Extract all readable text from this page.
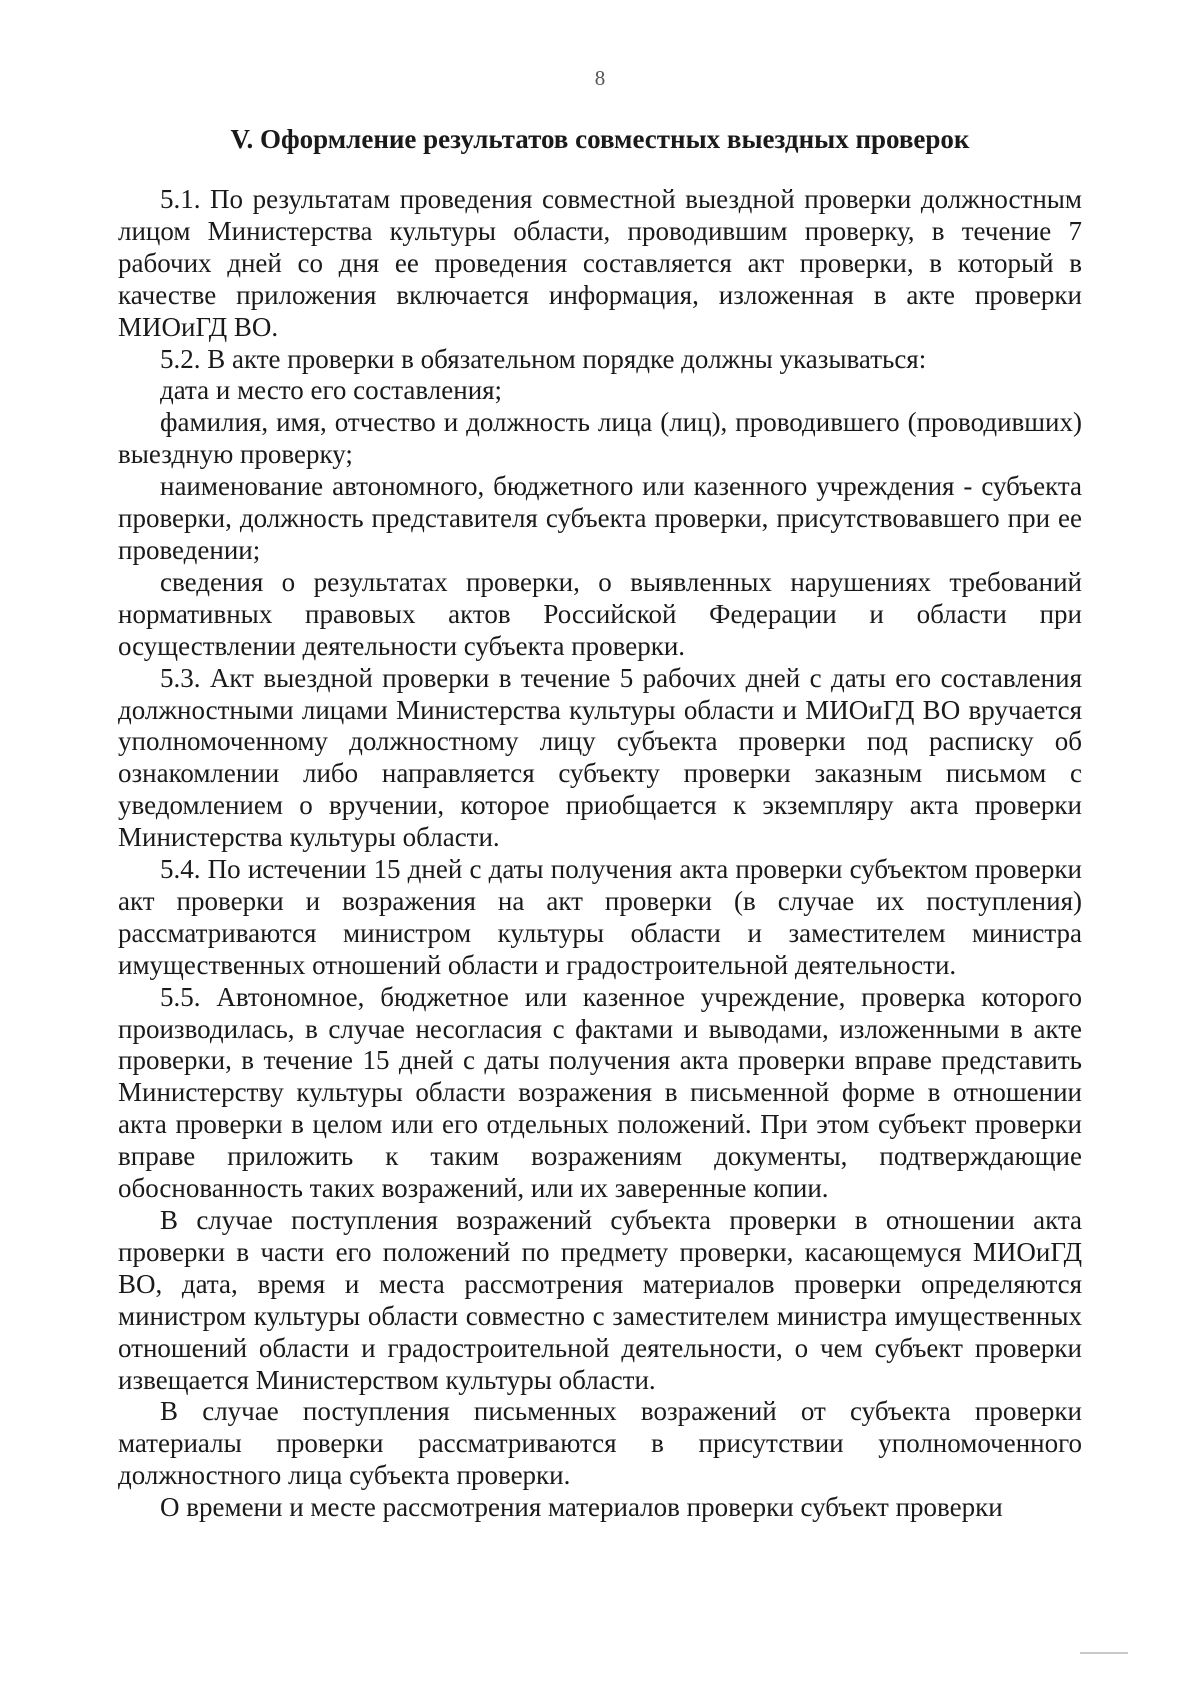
8
V. Оформление результатов совместных выездных проверок

5.1. По результатам проведения совместной выездной проверки должностным лицом Министерства культуры области, проводившим проверку, в течение 7 рабочих дней со дня ее проведения составляется акт проверки, в который в качестве приложения включается информация, изложенная в акте проверки МИОиГД ВО.

5.2. В акте проверки в обязательном порядке должны указываться:

дата и место его составления;

фамилия, имя, отчество и должность лица (лиц), проводившего (проводивших) выездную проверку;

наименование автономного, бюджетного или казенного учреждения - субъекта проверки, должность представителя субъекта проверки, присутствовавшего при ее проведении;

сведения о результатах проверки, о выявленных нарушениях требований нормативных правовых актов Российской Федерации и области при осуществлении деятельности субъекта проверки.

5.3. Акт выездной проверки в течение 5 рабочих дней с даты его составления должностными лицами Министерства культуры области и МИОиГД ВО вручается уполномоченному должностному лицу субъекта проверки под расписку об ознакомлении либо направляется субъекту проверки заказным письмом с уведомлением о вручении, которое приобщается к экземпляру акта проверки Министерства культуры области.

5.4. По истечении 15 дней с даты получения акта проверки субъектом проверки акт проверки и возражения на акт проверки (в случае их поступления) рассматриваются министром культуры области и заместителем министра имущественных отношений области и градостроительной деятельности.

5.5. Автономное, бюджетное или казенное учреждение, проверка которого производилась, в случае несогласия с фактами и выводами, изложенными в акте проверки, в течение 15 дней с даты получения акта проверки вправе представить Министерству культуры области возражения в письменной форме в отношении акта проверки в целом или его отдельных положений. При этом субъект проверки вправе приложить к таким возражениям документы, подтверждающие обоснованность таких возражений, или их заверенные копии.

В случае поступления возражений субъекта проверки в отношении акта проверки в части его положений по предмету проверки, касающемуся МИОиГД ВО, дата, время и места рассмотрения материалов проверки определяются министром культуры области совместно с заместителем министра имущественных отношений области и градостроительной деятельности, о чем субъект проверки извещается Министерством культуры области.

В случае поступления письменных возражений от субъекта проверки материалы проверки рассматриваются в присутствии уполномоченного должностного лица субъекта проверки.

О времени и месте рассмотрения материалов проверки субъект проверки
